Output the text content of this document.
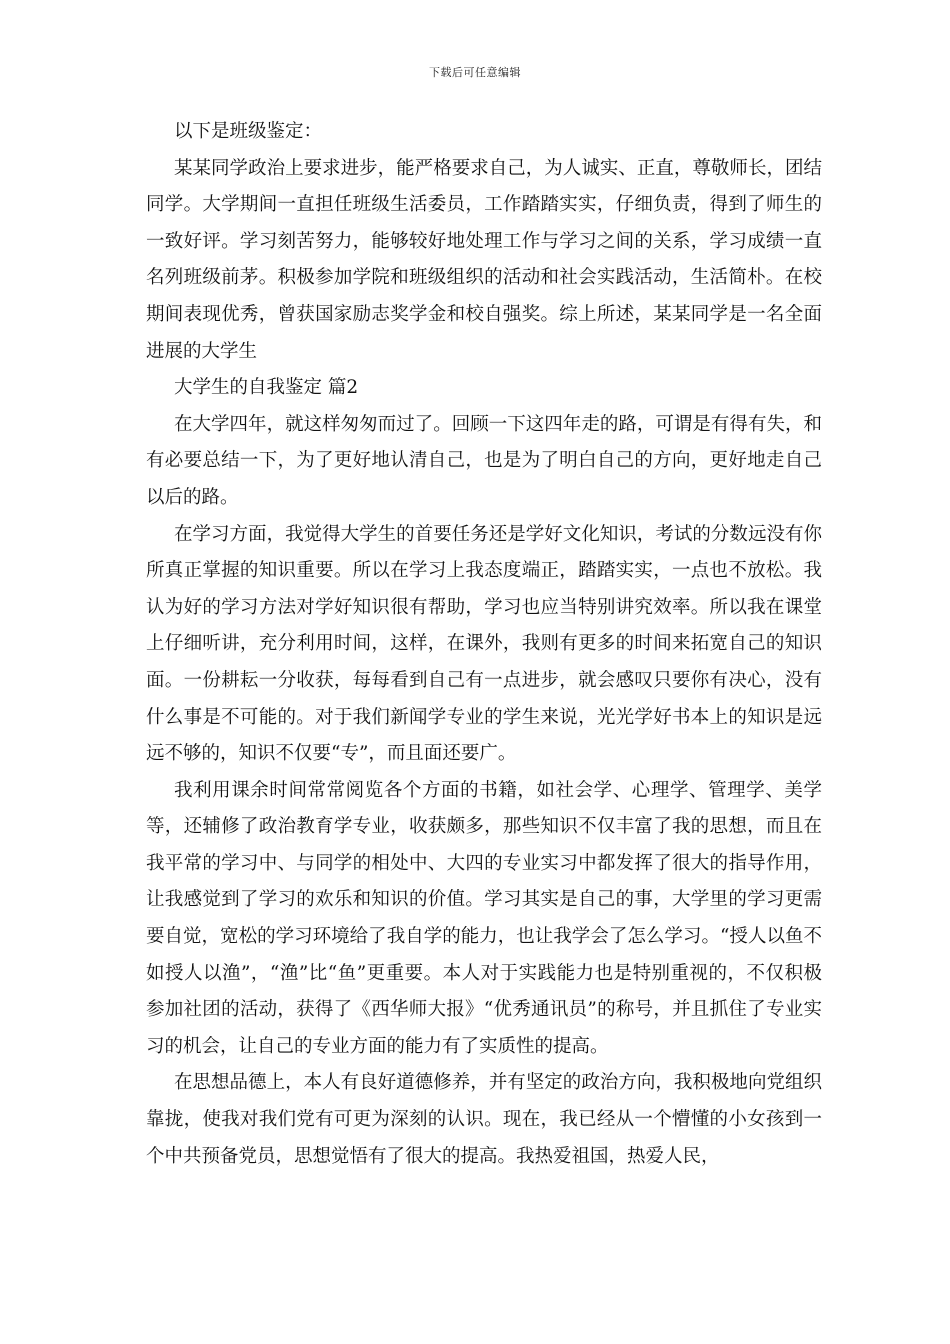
下载后可任意编辑

以下是班级鉴定：

某某同学政治上要求进步，能严格要求自己，为人诚实、正直，尊敬师长，团结同学。大学期间一直担任班级生活委员，工作踏踏实实，仔细负责，得到了师生的一致好评。学习刻苦努力，能够较好地处理工作与学习之间的关系，学习成绩一直名列班级前茅。积极参加学院和班级组织的活动和社会实践活动，生活简朴。在校期间表现优秀，曾获国家励志奖学金和校自强奖。综上所述，某某同学是一名全面进展的大学生

大学生的自我鉴定 篇2

在大学四年，就这样匆匆而过了。回顾一下这四年走的路，可谓是有得有失，和有必要总结一下，为了更好地认清自己，也是为了明白自己的方向，更好地走自己以后的路。

在学习方面，我觉得大学生的首要任务还是学好文化知识，考试的分数远没有你所真正掌握的知识重要。所以在学习上我态度端正，踏踏实实，一点也不放松。我认为好的学习方法对学好知识很有帮助，学习也应当特别讲究效率。所以我在课堂上仔细听讲，充分利用时间，这样，在课外，我则有更多的时间来拓宽自己的知识面。一份耕耘一分收获，每每看到自己有一点进步，就会感叹只要你有决心，没有什么事是不可能的。对于我们新闻学专业的学生来说，光光学好书本上的知识是远远不够的，知识不仅要“专”，而且面还要广。

我利用课余时间常常阅览各个方面的书籍，如社会学、心理学、管理学、美学等，还辅修了政治教育学专业，收获颇多，那些知识不仅丰富了我的思想，而且在我平常的学习中、与同学的相处中、大四的专业实习中都发挥了很大的指导作用，让我感觉到了学习的欢乐和知识的价值。学习其实是自己的事，大学里的学习更需要自觉，宽松的学习环境给了我自学的能力，也让我学会了怎么学习。“授人以鱼不如授人以渔”，“渔”比“鱼”更重要。本人对于实践能力也是特别重视的，不仅积极参加社团的活动，获得了《西华师大报》“优秀通讯员”的称号，并且抓住了专业实习的机会，让自己的专业方面的能力有了实质性的提高。

在思想品德上，本人有良好道德修养，并有坚定的政治方向，我积极地向党组织靠拢，使我对我们党有可更为深刻的认识。现在，我已经从一个懵懂的小女孩到一个中共预备党员，思想觉悟有了很大的提高。我热爱祖国，热爱人民，
